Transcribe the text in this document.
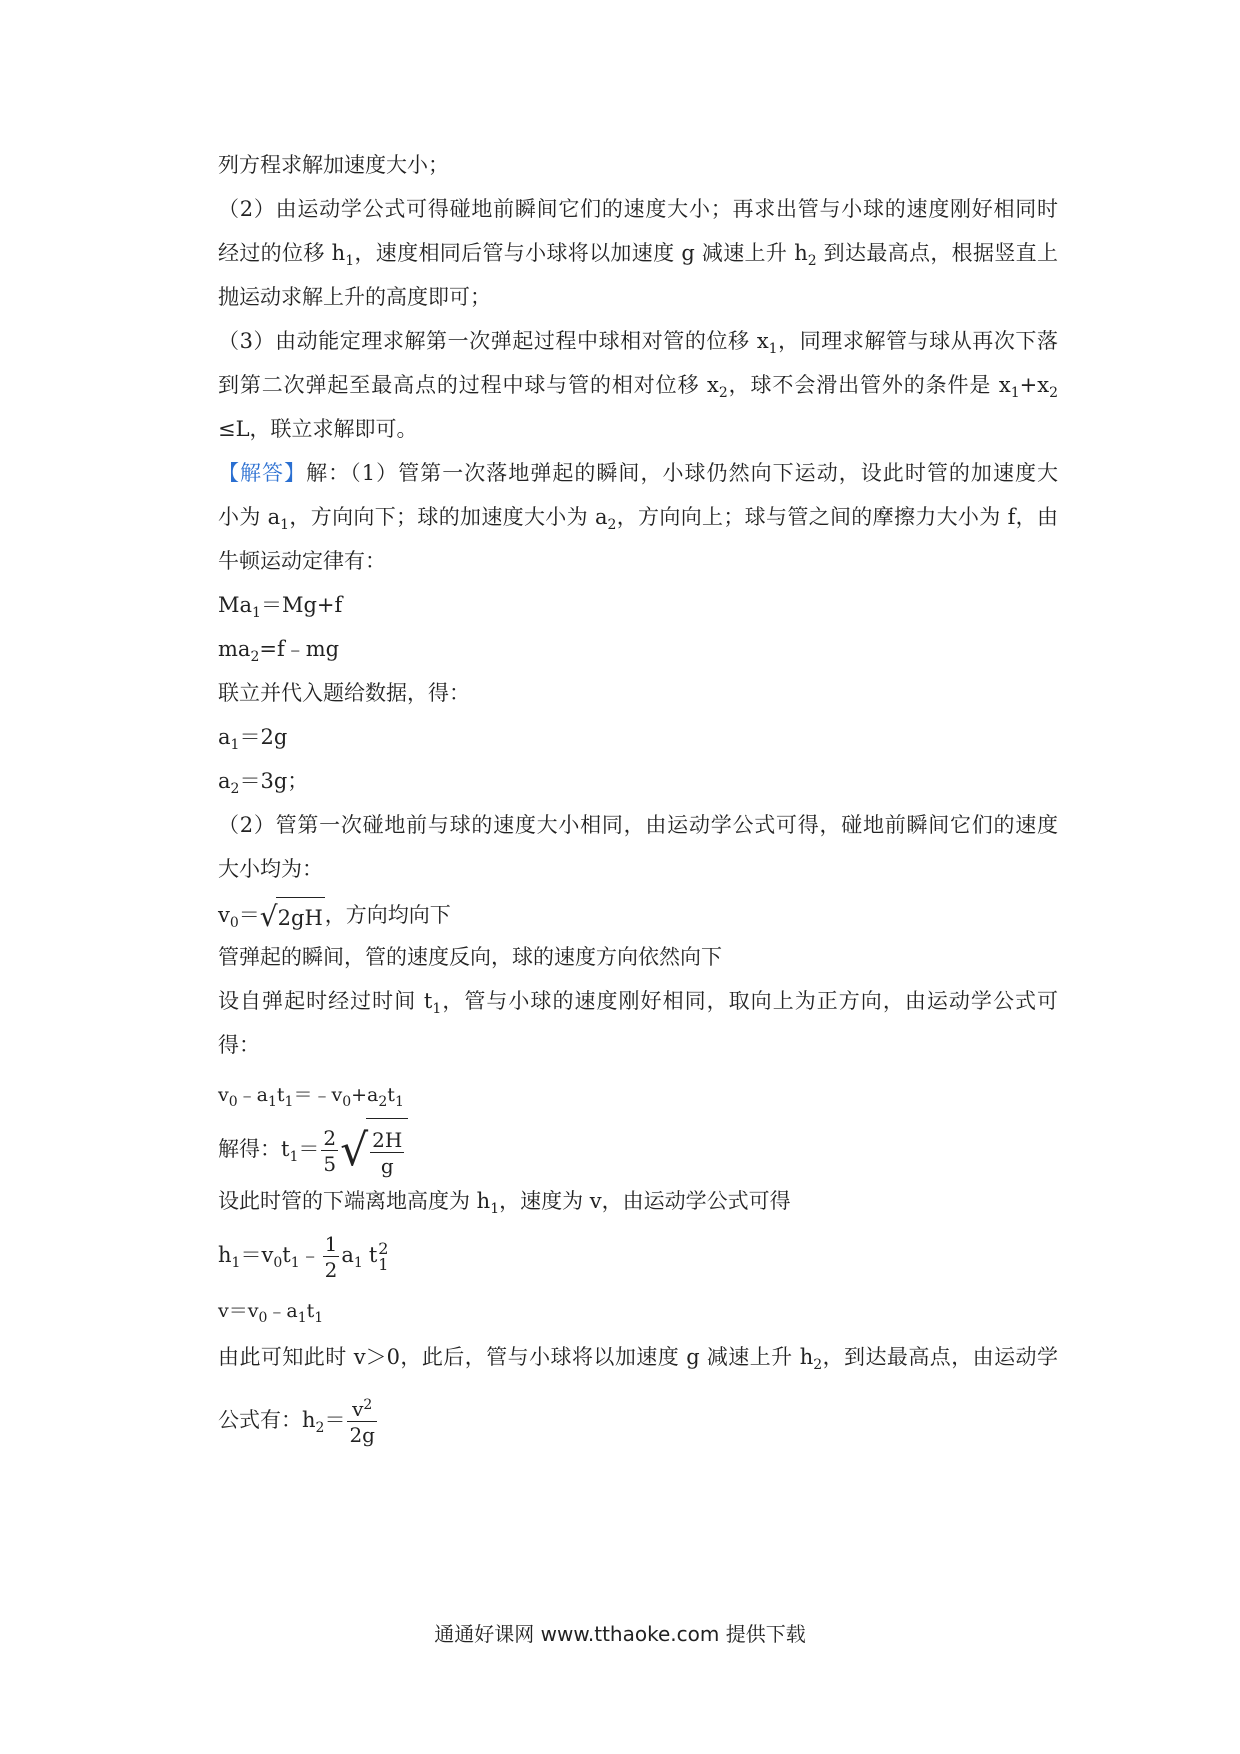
列方程求解加速度大小；
（2）由运动学公式可得碰地前瞬间它们的速度大小；再求出管与小球的速度刚好相同时
经过的位移 $h_1$，速度相同后管与小球将以加速度 g 减速上升 $h_2$ 到达最高点，根据竖直上
抛运动求解上升的高度即可；
（3）由动能定理求解第一次弹起过程中球相对管的位移 $x_1$，同理求解管与球从再次下落
到第二次弹起至最高点的过程中球与管的相对位移 $x_2$，球不会滑出管外的条件是 $x_1+x_2$
≤L，联立求解即可。
【解答】解：（1）管第一次落地弹起的瞬间，小球仍然向下运动，设此时管的加速度大
小为 $a_1$，方向向下；球的加速度大小为 $a_2$，方向向上；球与管之间的摩擦力大小为 f，由
牛顿运动定律有：
$Ma_1=Mg+f$
$ma_2=f﹣mg$
联立并代入题给数据，得：
$a_1=2g$
$a_2=3g$；
（2）管第一次碰地前与球的速度大小相同，由运动学公式可得，碰地前瞬间它们的速度
大小均为：
$v_0=√2gH$，方向均向下
管弹起的瞬间，管的速度反向，球的速度方向依然向下
设自弹起时经过时间 $t_1$，管与小球的速度刚好相同，取向上为正方向，由运动学公式可
得：
$v_0﹣a_1t_1=﹣v_0+a_2t_1$
解得：$t_1= \frac{2}{5}$ √ $\frac{2H}{g}$
设此时管的下端离地高度为 $h_1$，速度为 v，由运动学公式可得
$h_1=v_0t_1﹣ \frac{1}{2} a_1$ t 2
1
$v=v_0﹣a_1t_1$
由此可知此时 v＞0，此后，管与小球将以加速度 g 减速上升 $h_2$，到达最高点，由运动学
公式有：$h_2= \frac{v^2}{2g}$
通通好课网 www.tthaoke.com 提供下载
